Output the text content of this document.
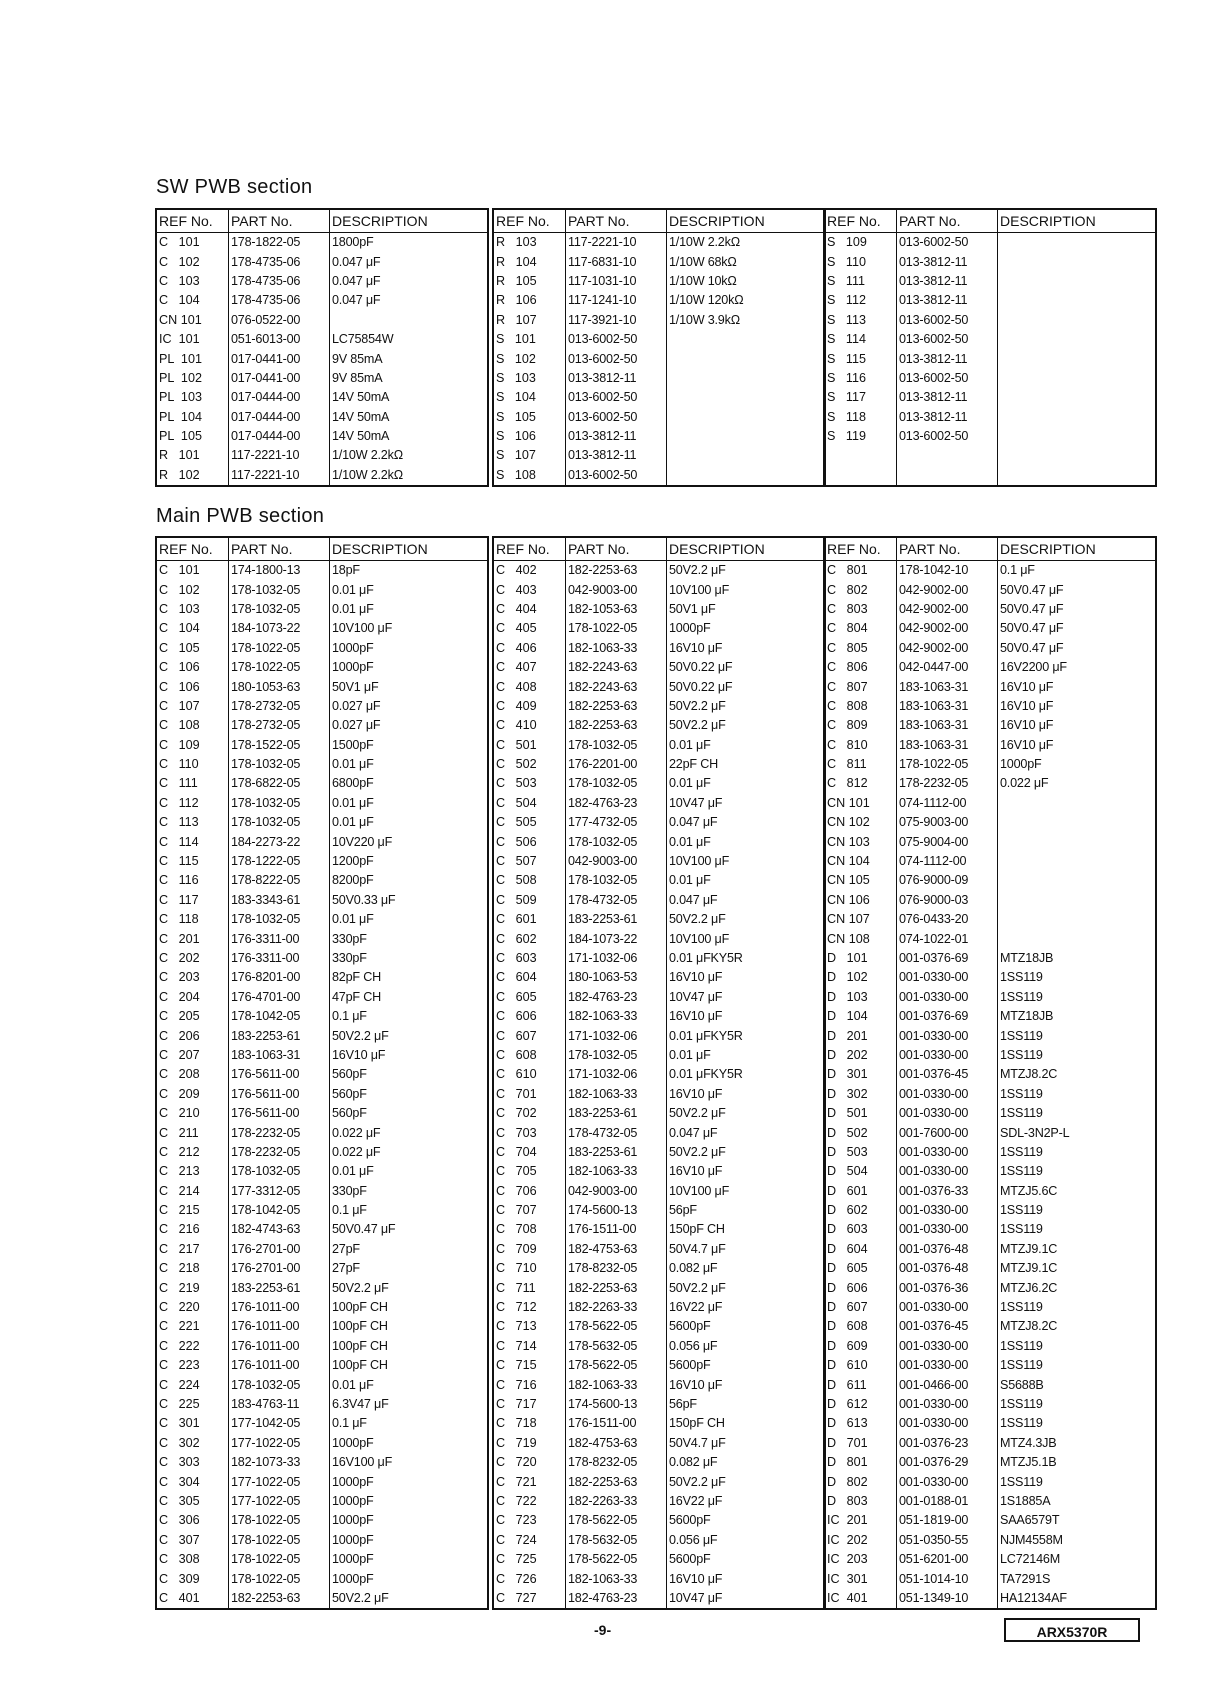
SW PWB section
Main PWB section
REF No.	PART No.	DESCRIPTION
C   101	178-1822-05	1800pF
C   102	178-4735-06	0.047 μF
C   103	178-4735-06	0.047 μF
C   104	178-4735-06	0.047 μF
CN 101	076-0522-00	
IC  101	051-6013-00	LC75854W
PL  101	017-0441-00	9V 85mA
PL  102	017-0441-00	9V 85mA
PL  103	017-0444-00	14V 50mA
PL  104	017-0444-00	14V 50mA
PL  105	017-0444-00	14V 50mA
R   101	117-2221-10	1/10W 2.2kΩ
R   102	117-2221-10	1/10W 2.2kΩ
REF No.	PART No.	DESCRIPTION
R   103	117-2221-10	1/10W 2.2kΩ
R   104	117-6831-10	1/10W 68kΩ
R   105	117-1031-10	1/10W 10kΩ
R   106	117-1241-10	1/10W 120kΩ
R   107	117-3921-10	1/10W 3.9kΩ
S   101	013-6002-50	
S   102	013-6002-50	
S   103	013-3812-11	
S   104	013-6002-50	
S   105	013-6002-50	
S   106	013-3812-11	
S   107	013-3812-11	
S   108	013-6002-50	
REF No.	PART No.	DESCRIPTION
S   109	013-6002-50	
S   110	013-3812-11	
S   111	013-3812-11	
S   112	013-3812-11	
S   113	013-6002-50	
S   114	013-6002-50	
S   115	013-3812-11	
S   116	013-6002-50	
S   117	013-3812-11	
S   118	013-3812-11	
S   119	013-6002-50	

REF No.	PART No.	DESCRIPTION
C   101	174-1800-13	18pF
C   102	178-1032-05	0.01 μF
C   103	178-1032-05	0.01 μF
C   104	184-1073-22	10V100 μF
C   105	178-1022-05	1000pF
C   106	178-1022-05	1000pF
C   106	180-1053-63	50V1 μF
C   107	178-2732-05	0.027 μF
C   108	178-2732-05	0.027 μF
C   109	178-1522-05	1500pF
C   110	178-1032-05	0.01 μF
C   111	178-6822-05	6800pF
C   112	178-1032-05	0.01 μF
C   113	178-1032-05	0.01 μF
C   114	184-2273-22	10V220 μF
C   115	178-1222-05	1200pF
C   116	178-8222-05	8200pF
C   117	183-3343-61	50V0.33 μF
C   118	178-1032-05	0.01 μF
C   201	176-3311-00	330pF
C   202	176-3311-00	330pF
C   203	176-8201-00	82pF CH
C   204	176-4701-00	47pF CH
C   205	178-1042-05	0.1 μF
C   206	183-2253-61	50V2.2 μF
C   207	183-1063-31	16V10 μF
C   208	176-5611-00	560pF
C   209	176-5611-00	560pF
C   210	176-5611-00	560pF
C   211	178-2232-05	0.022 μF
C   212	178-2232-05	0.022 μF
C   213	178-1032-05	0.01 μF
C   214	177-3312-05	330pF
C   215	178-1042-05	0.1 μF
C   216	182-4743-63	50V0.47 μF
C   217	176-2701-00	27pF
C   218	176-2701-00	27pF
C   219	183-2253-61	50V2.2 μF
C   220	176-1011-00	100pF CH
C   221	176-1011-00	100pF CH
C   222	176-1011-00	100pF CH
C   223	176-1011-00	100pF CH
C   224	178-1032-05	0.01 μF
C   225	183-4763-11	6.3V47 μF
C   301	177-1042-05	0.1 μF
C   302	177-1022-05	1000pF
C   303	182-1073-33	16V100 μF
C   304	177-1022-05	1000pF
C   305	177-1022-05	1000pF
C   306	178-1022-05	1000pF
C   307	178-1022-05	1000pF
C   308	178-1022-05	1000pF
C   309	178-1022-05	1000pF
C   401	182-2253-63	50V2.2 μF
REF No.	PART No.	DESCRIPTION
C   402	182-2253-63	50V2.2 μF
C   403	042-9003-00	10V100 μF
C   404	182-1053-63	50V1 μF
C   405	178-1022-05	1000pF
C   406	182-1063-33	16V10 μF
C   407	182-2243-63	50V0.22 μF
C   408	182-2243-63	50V0.22 μF
C   409	182-2253-63	50V2.2 μF
C   410	182-2253-63	50V2.2 μF
C   501	178-1032-05	0.01 μF
C   502	176-2201-00	22pF CH
C   503	178-1032-05	0.01 μF
C   504	182-4763-23	10V47 μF
C   505	177-4732-05	0.047 μF
C   506	178-1032-05	0.01 μF
C   507	042-9003-00	10V100 μF
C   508	178-1032-05	0.01 μF
C   509	178-4732-05	0.047 μF
C   601	183-2253-61	50V2.2 μF
C   602	184-1073-22	10V100 μF
C   603	171-1032-06	0.01 μFKY5R
C   604	180-1063-53	16V10 μF
C   605	182-4763-23	10V47 μF
C   606	182-1063-33	16V10 μF
C   607	171-1032-06	0.01 μFKY5R
C   608	178-1032-05	0.01 μF
C   610	171-1032-06	0.01 μFKY5R
C   701	182-1063-33	16V10 μF
C   702	183-2253-61	50V2.2 μF
C   703	178-4732-05	0.047 μF
C   704	183-2253-61	50V2.2 μF
C   705	182-1063-33	16V10 μF
C   706	042-9003-00	10V100 μF
C   707	174-5600-13	56pF
C   708	176-1511-00	150pF CH
C   709	182-4753-63	50V4.7 μF
C   710	178-8232-05	0.082 μF
C   711	182-2253-63	50V2.2 μF
C   712	182-2263-33	16V22 μF
C   713	178-5622-05	5600pF
C   714	178-5632-05	0.056 μF
C   715	178-5622-05	5600pF
C   716	182-1063-33	16V10 μF
C   717	174-5600-13	56pF
C   718	176-1511-00	150pF CH
C   719	182-4753-63	50V4.7 μF
C   720	178-8232-05	0.082 μF
C   721	182-2253-63	50V2.2 μF
C   722	182-2263-33	16V22 μF
C   723	178-5622-05	5600pF
C   724	178-5632-05	0.056 μF
C   725	178-5622-05	5600pF
C   726	182-1063-33	16V10 μF
C   727	182-4763-23	10V47 μF
REF No.	PART No.	DESCRIPTION
C   801	178-1042-10	0.1 μF
C   802	042-9002-00	50V0.47 μF
C   803	042-9002-00	50V0.47 μF
C   804	042-9002-00	50V0.47 μF
C   805	042-9002-00	50V0.47 μF
C   806	042-0447-00	16V2200 μF
C   807	183-1063-31	16V10 μF
C   808	183-1063-31	16V10 μF
C   809	183-1063-31	16V10 μF
C   810	183-1063-31	16V10 μF
C   811	178-1022-05	1000pF
C   812	178-2232-05	0.022 μF
CN 101	074-1112-00	
CN 102	075-9003-00	
CN 103	075-9004-00	
CN 104	074-1112-00	
CN 105	076-9000-09	
CN 106	076-9000-03	
CN 107	076-0433-20	
CN 108	074-1022-01	
D   101	001-0376-69	MTZ18JB
D   102	001-0330-00	1SS119
D   103	001-0330-00	1SS119
D   104	001-0376-69	MTZ18JB
D   201	001-0330-00	1SS119
D   202	001-0330-00	1SS119
D   301	001-0376-45	MTZJ8.2C
D   302	001-0330-00	1SS119
D   501	001-0330-00	1SS119
D   502	001-7600-00	SDL-3N2P-L
D   503	001-0330-00	1SS119
D   504	001-0330-00	1SS119
D   601	001-0376-33	MTZJ5.6C
D   602	001-0330-00	1SS119
D   603	001-0330-00	1SS119
D   604	001-0376-48	MTZJ9.1C
D   605	001-0376-48	MTZJ9.1C
D   606	001-0376-36	MTZJ6.2C
D   607	001-0330-00	1SS119
D   608	001-0376-45	MTZJ8.2C
D   609	001-0330-00	1SS119
D   610	001-0330-00	1SS119
D   611	001-0466-00	S5688B
D   612	001-0330-00	1SS119
D   613	001-0330-00	1SS119
D   701	001-0376-23	MTZ4.3JB
D   801	001-0376-29	MTZJ5.1B
D   802	001-0330-00	1SS119
D   803	001-0188-01	1S1885A
IC  201	051-1819-00	SAA6579T
IC  202	051-0350-55	NJM4558M
IC  203	051-6201-00	LC72146M
IC  301	051-1014-10	TA7291S
IC  401	051-1349-10	HA12134AF
-9-	ARX5370R
